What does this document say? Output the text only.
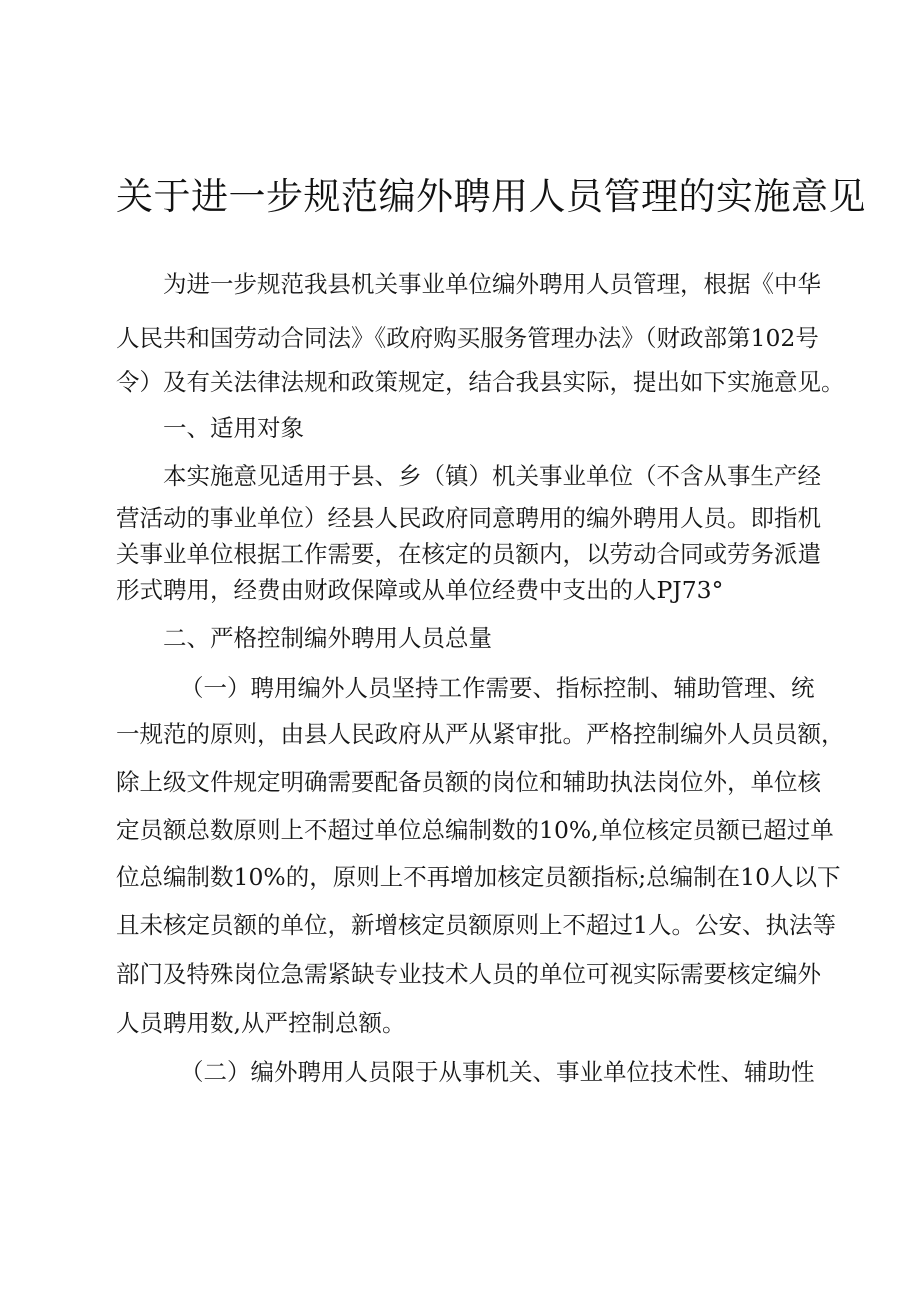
关于进一步规范编外聘用人员管理的实施意见

为进一步规范我县机关事业单位编外聘用人员管理，根据《中华

人民共和国劳动合同法》《政府购买服务管理办法》（财政部第102号

令）及有关法律法规和政策规定，结合我县实际，提出如下实施意见。

一、适用对象

本实施意见适用于县、乡（镇）机关事业单位（不含从事生产经

营活动的事业单位）经县人民政府同意聘用的编外聘用人员。即指机

关事业单位根据工作需要，在核定的员额内，以劳动合同或劳务派遣

形式聘用，经费由财政保障或从单位经费中支出的人PJ73°

二、严格控制编外聘用人员总量

（一）聘用编外人员坚持工作需要、指标控制、辅助管理、统

一规范的原则，由县人民政府从严从紧审批。严格控制编外人员员额，

除上级文件规定明确需要配备员额的岗位和辅助执法岗位外，单位核

定员额总数原则上不超过单位总编制数的10%,单位核定员额已超过单

位总编制数10%的，原则上不再增加核定员额指标;总编制在10人以下

且未核定员额的单位，新增核定员额原则上不超过1人。公安、执法等

部门及特殊岗位急需紧缺专业技术人员的单位可视实际需要核定编外

人员聘用数,从严控制总额。

（二）编外聘用人员限于从事机关、事业单位技术性、辅助性
